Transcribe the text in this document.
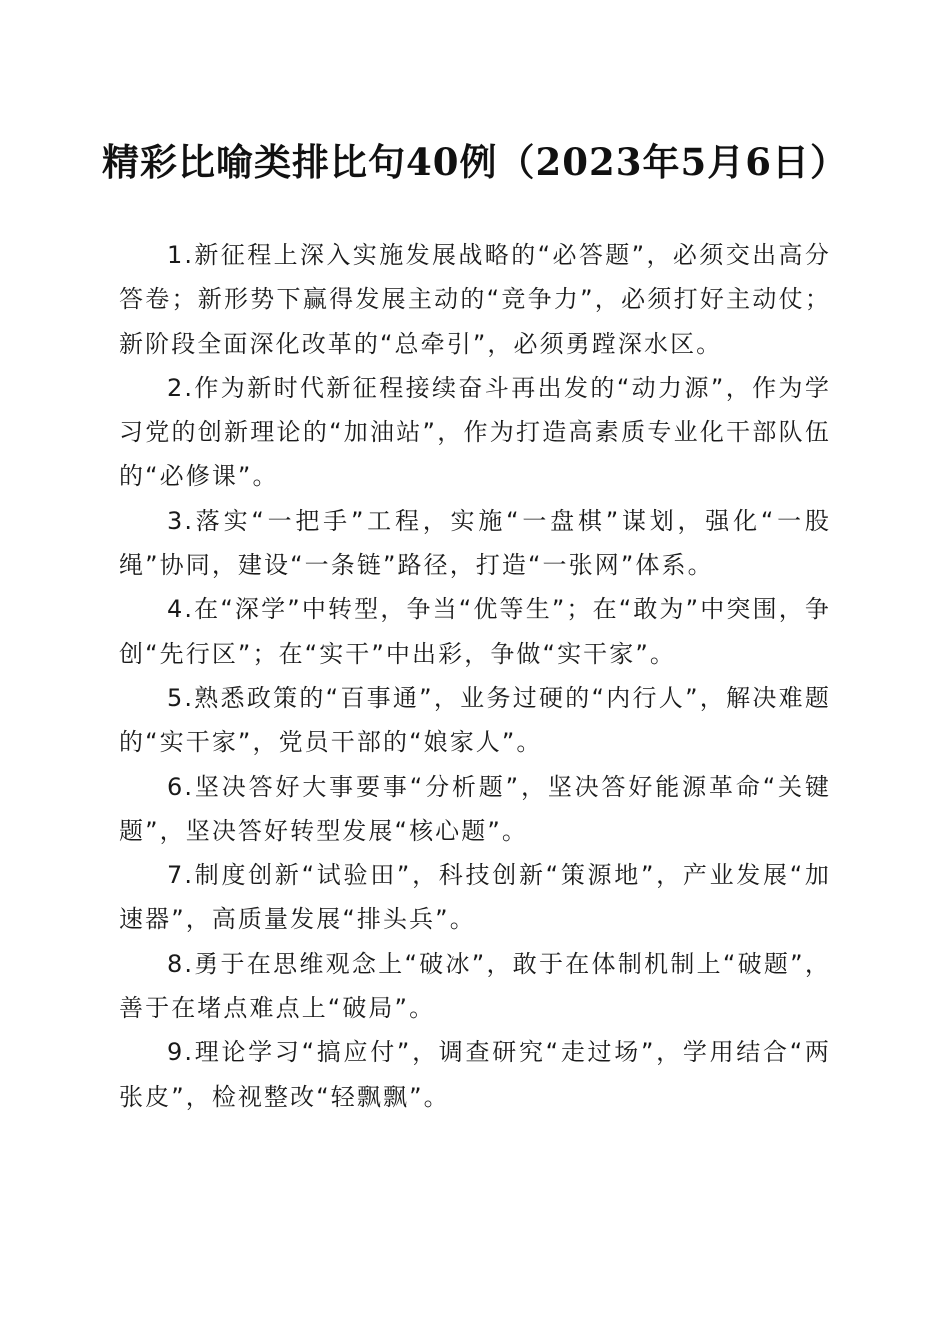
精彩比喻类排比句40例（2023年5月6日）

1.新征程上深入实施发展战略的“必答题”，必须交出高分答卷；新形势下赢得发展主动的“竞争力”，必须打好主动仗；新阶段全面深化改革的“总牵引”，必须勇蹚深水区。

2.作为新时代新征程接续奋斗再出发的“动力源”，作为学习党的创新理论的“加油站”，作为打造高素质专业化干部队伍的“必修课”。

3.落实“一把手”工程，实施“一盘棋”谋划，强化“一股绳”协同，建设“一条链”路径，打造“一张网”体系。

4.在“深学”中转型，争当“优等生”；在“敢为”中突围，争创“先行区”；在“实干”中出彩，争做“实干家”。

5.熟悉政策的“百事通”，业务过硬的“内行人”，解决难题的“实干家”，党员干部的“娘家人”。

6.坚决答好大事要事“分析题”，坚决答好能源革命“关键题”，坚决答好转型发展“核心题”。

7.制度创新“试验田”，科技创新“策源地”，产业发展“加速器”，高质量发展“排头兵”。

8.勇于在思维观念上“破冰”，敢于在体制机制上“破题”，善于在堵点难点上“破局”。

9.理论学习“搞应付”，调查研究“走过场”，学用结合“两张皮”，检视整改“轻飘飘”。
